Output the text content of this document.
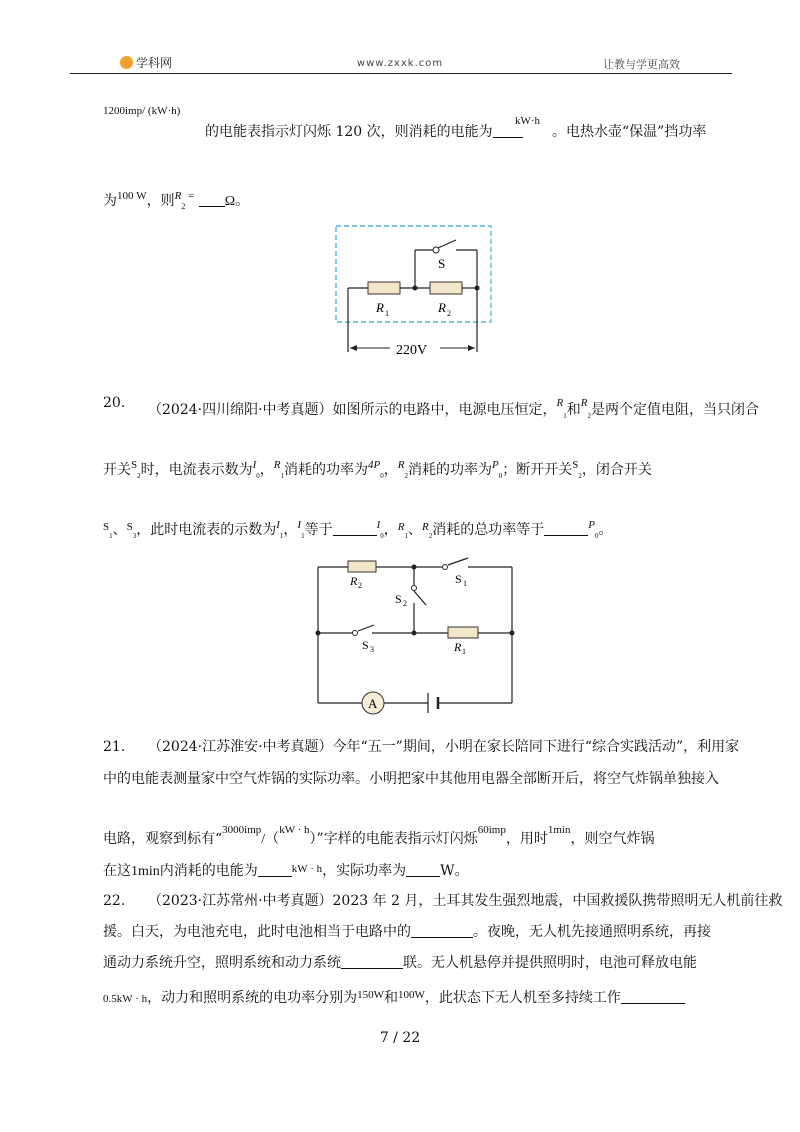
学科网	www.zxxk.com	让教与学更高效
1200imp/ (kW·h)
的电能表指示灯闪烁 120 次，则消耗的电能为
kW·h
。电热水壶“保温”挡功率
为$^{100 W}$，则$^R_2$ = Ω。
S
R 1	R 2
220V
20. （2024·四川绵阳·中考真题）如图所示的电路中，电源电压恒定，$^R_1$和$^R_2$是两个定值电阻，当只闭合
开关$^S_2$时，电流表示数为$^I_0$，$^R_1$消耗的功率为$^{4P}_0$，$^R_2$消耗的功率为$^P_0$；断开开关$^S_2$，闭合开关
$^S_1$、$^S_3$，此时电流表的示数为$^I_1$，$^I_1$等于	$^I_0$，$^R_1$、$^R_2$消耗的总功率等于	$^P_0$。
A
R 2	S 1
S 2
S 3	R 1
21. （2024·江苏淮安·中考真题）今年“五一”期间，小明在家长陪同下进行“综合实践活动”，利用家
中的电能表测量家中空气炸锅的实际功率。小明把家中其他用电器全部断开后，将空气炸锅单独接入
电路，观察到标有“$^{3000imp}$/（$^{kW \cdot h}$）”字样的电能表指示灯闪烁$^{60imp}$，用时$^{1min}$，则空气炸锅
在这1min内消耗的电能为	$^{kW \cdot h}$，实际功率为 W。
22. （2023·江苏常州·中考真题）2023 年 2 月，土耳其发生强烈地震，中国救援队携带照明无人机前往救
援。白天，为电池充电，此时电池相当于电路中的	。夜晚，无人机先接通照明系统，再接
通动力系统升空，照明系统和动力系统	联。无人机悬停并提供照明时，电池可释放电能
0.5kW · h，动力和照明系统的电功率分别为$^{150W}$和$^{100W}$，此状态下无人机至多持续工作
7 / 22
